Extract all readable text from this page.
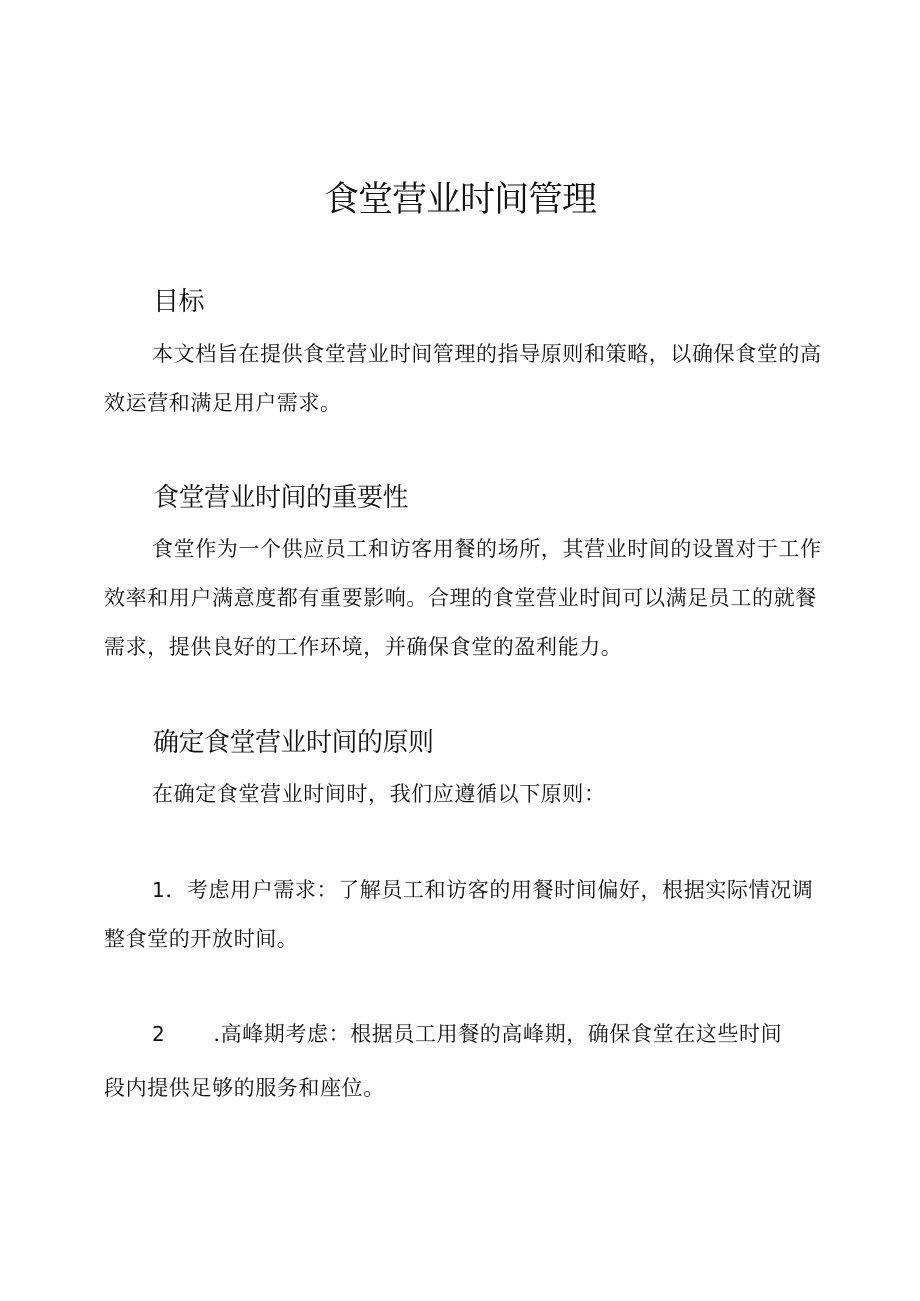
食堂营业时间管理
目标

本文档旨在提供食堂营业时间管理的指导原则和策略，以确保食堂的高效运营和满足用户需求。

食堂营业时间的重要性

食堂作为一个供应员工和访客用餐的场所，其营业时间的设置对于工作效率和用户满意度都有重要影响。合理的食堂营业时间可以满足员工的就餐需求，提供良好的工作环境，并确保食堂的盈利能力。

确定食堂营业时间的原则

在确定食堂营业时间时，我们应遵循以下原则：

1．考虑用户需求：了解员工和访客的用餐时间偏好，根据实际情况调
整食堂的开放时间。
2 .高峰期考虑：根据员工用餐的高峰期，确保食堂在这些时间
段内提供足够的服务和座位。
